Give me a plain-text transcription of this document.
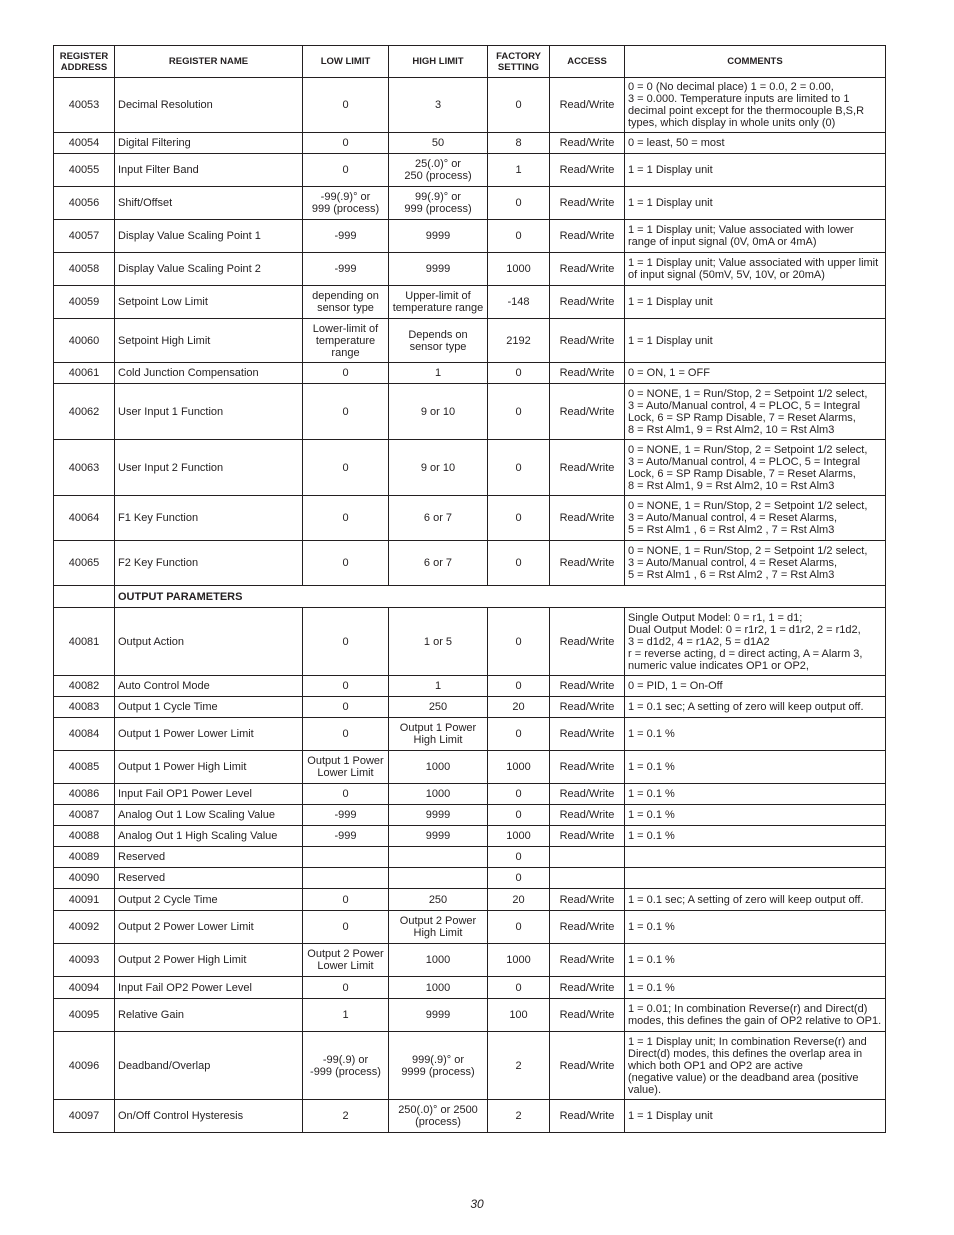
REGISTER ADDRESS	REGISTER NAME	LOW LIMIT	HIGH LIMIT	FACTORY SETTING	ACCESS	COMMENTS
40053	Decimal Resolution	0	3	0	Read/Write	0 = 0 (No decimal place) 1 = 0.0, 2 = 0.00,
3 = 0.000. Temperature inputs are limited to 1
decimal point except for the thermocouple B,S,R
types, which display in whole units only (0)
40054	Digital Filtering	0	50	8	Read/Write	0 = least, 50 = most
40055	Input Filter Band	0	25(.0)° or
250 (process)	1	Read/Write	1 = 1 Display unit
40056	Shift/Offset	-99(.9)° or
999 (process)	99(.9)° or
999 (process)	0	Read/Write	1 = 1 Display unit
40057	Display Value Scaling Point 1	-999	9999	0	Read/Write	1 = 1 Display unit; Value associated with lower
range of input signal (0V, 0mA or 4mA)
40058	Display Value Scaling Point 2	-999	9999	1000	Read/Write	1 = 1 Display unit; Value associated with upper limit
of input signal (50mV, 5V, 10V, or 20mA)
40059	Setpoint Low Limit	depending on
sensor type	Upper-limit of
temperature range	-148	Read/Write	1 = 1 Display unit
40060	Setpoint High Limit	Lower-limit of
temperature
range	Depends on
sensor type	2192	Read/Write	1 = 1 Display unit
40061	Cold Junction Compensation	0	1	0	Read/Write	0 = ON, 1 = OFF
40062	User Input 1 Function	0	9 or 10	0	Read/Write	0 = NONE, 1 = Run/Stop, 2 = Setpoint 1/2 select,
3 = Auto/Manual control, 4 = PLOC, 5 = Integral
Lock, 6 = SP Ramp Disable, 7 = Reset Alarms,
8 = Rst Alm1, 9 = Rst Alm2, 10 = Rst Alm3
40063	User Input 2 Function	0	9 or 10	0	Read/Write	0 = NONE, 1 = Run/Stop, 2 = Setpoint 1/2 select,
3 = Auto/Manual control, 4 = PLOC, 5 = Integral
Lock, 6 = SP Ramp Disable, 7 = Reset Alarms,
8 = Rst Alm1, 9 = Rst Alm2, 10 = Rst Alm3
40064	F1 Key Function	0	6 or 7	0	Read/Write	0 = NONE, 1 = Run/Stop, 2 = Setpoint 1/2 select,
3 = Auto/Manual control, 4 = Reset Alarms,
5 = Rst Alm1 , 6 = Rst Alm2 , 7 = Rst Alm3
40065	F2 Key Function	0	6 or 7	0	Read/Write	0 = NONE, 1 = Run/Stop, 2 = Setpoint 1/2 select,
3 = Auto/Manual control, 4 = Reset Alarms,
5 = Rst Alm1 , 6 = Rst Alm2 , 7 = Rst Alm3
	OUTPUT PARAMETERS					
40081	Output Action	0	1 or 5	0	Read/Write	Single Output Model: 0 = r1, 1 = d1;
Dual Output Model: 0 = r1r2, 1 = d1r2, 2 = r1d2,
3 = d1d2, 4 = r1A2, 5 = d1A2
r = reverse acting, d = direct acting, A = Alarm 3,
numeric value indicates OP1 or OP2,
40082	Auto Control Mode	0	1	0	Read/Write	0 = PID, 1 = On-Off
40083	Output 1 Cycle Time	0	250	20	Read/Write	1 = 0.1 sec; A setting of zero will keep output off.
40084	Output 1 Power Lower Limit	0	Output 1 Power
High Limit	0	Read/Write	1 = 0.1 %
40085	Output 1 Power High Limit	Output 1 Power
Lower Limit	1000	1000	Read/Write	1 = 0.1 %
40086	Input Fail OP1 Power Level	0	1000	0	Read/Write	1 = 0.1 %
40087	Analog Out 1 Low Scaling Value	-999	9999	0	Read/Write	1 = 0.1 %
40088	Analog Out 1 High Scaling Value	-999	9999	1000	Read/Write	1 = 0.1 %
40089	Reserved			0		
40090	Reserved			0		
40091	Output 2 Cycle Time	0	250	20	Read/Write	1 = 0.1 sec; A setting of zero will keep output off.
40092	Output 2 Power Lower Limit	0	Output 2 Power
High Limit	0	Read/Write	1 = 0.1 %
40093	Output 2 Power High Limit	Output 2 Power
Lower Limit	1000	1000	Read/Write	1 = 0.1 %
40094	Input Fail OP2 Power Level	0	1000	0	Read/Write	1 = 0.1 %
40095	Relative Gain	1	9999	100	Read/Write	1 = 0.01; In combination Reverse(r) and Direct(d)
modes, this defines the gain of OP2 relative to OP1.
40096	Deadband/Overlap	-99(.9) or
-999 (process)	999(.9)° or
9999 (process)	2	Read/Write	1 = 1 Display unit; In combination Reverse(r) and
Direct(d) modes, this defines the overlap area in
which both OP1 and OP2 are active
(negative value) or the deadband area (positive
value).
40097	On/Off Control Hysteresis	2	250(.0)° or 2500
(process)	2	Read/Write	1 = 1 Display unit
30
